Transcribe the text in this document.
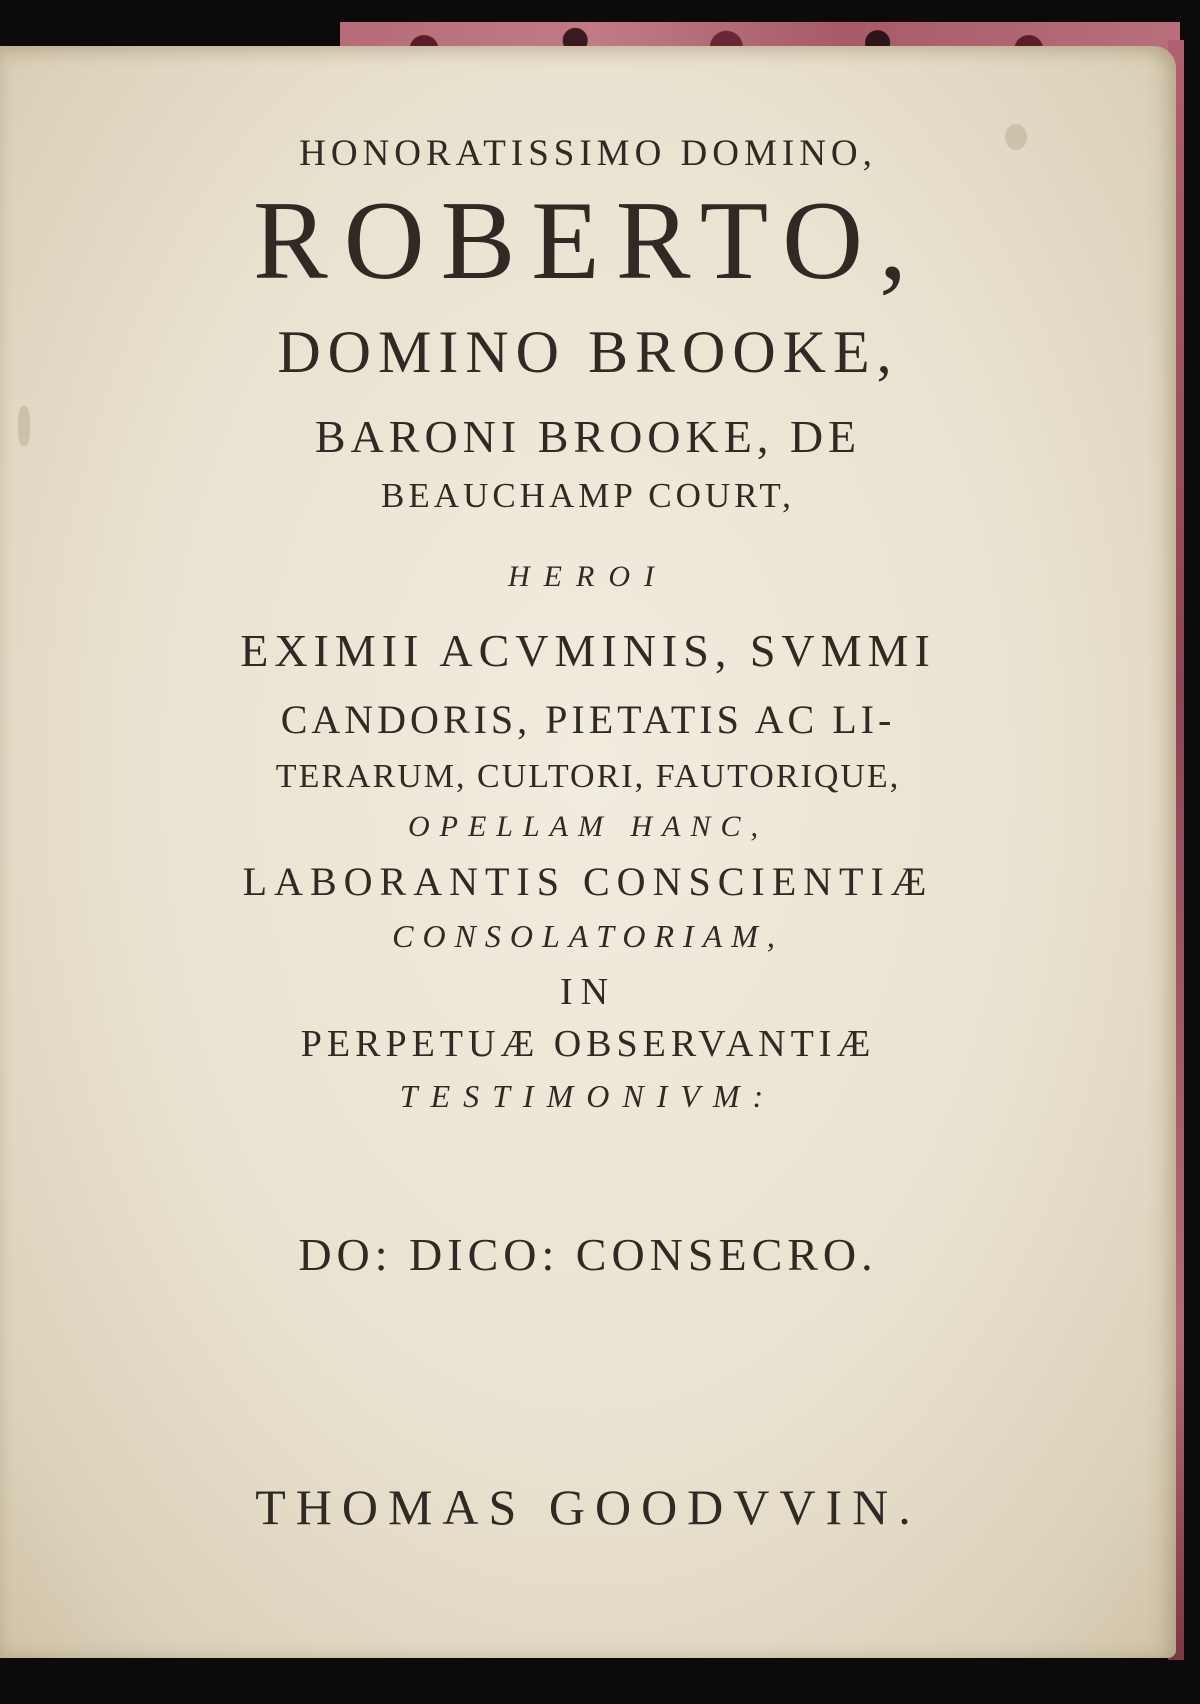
HONORATISSIMO DOMINO,
ROBERTO,

DOMINO BROOKE,

BARONI BROOKE, DE

BEAUCHAMP COURT,

HEROI

EXIMII ACVMINIS, SVMMI

CANDORIS, PIETATIS AC LI-

TERARUM, CULTORI, FAUTORIQUE,

OPELLAM HANC,

LABORANTIS CONSCIENTIÆ

CONSOLATORIAM,

IN

PERPETUÆ OBSERVANTIÆ

TESTIMONIVM:

DO: DICO: CONSECRO.

THOMAS GOODVVIN.
